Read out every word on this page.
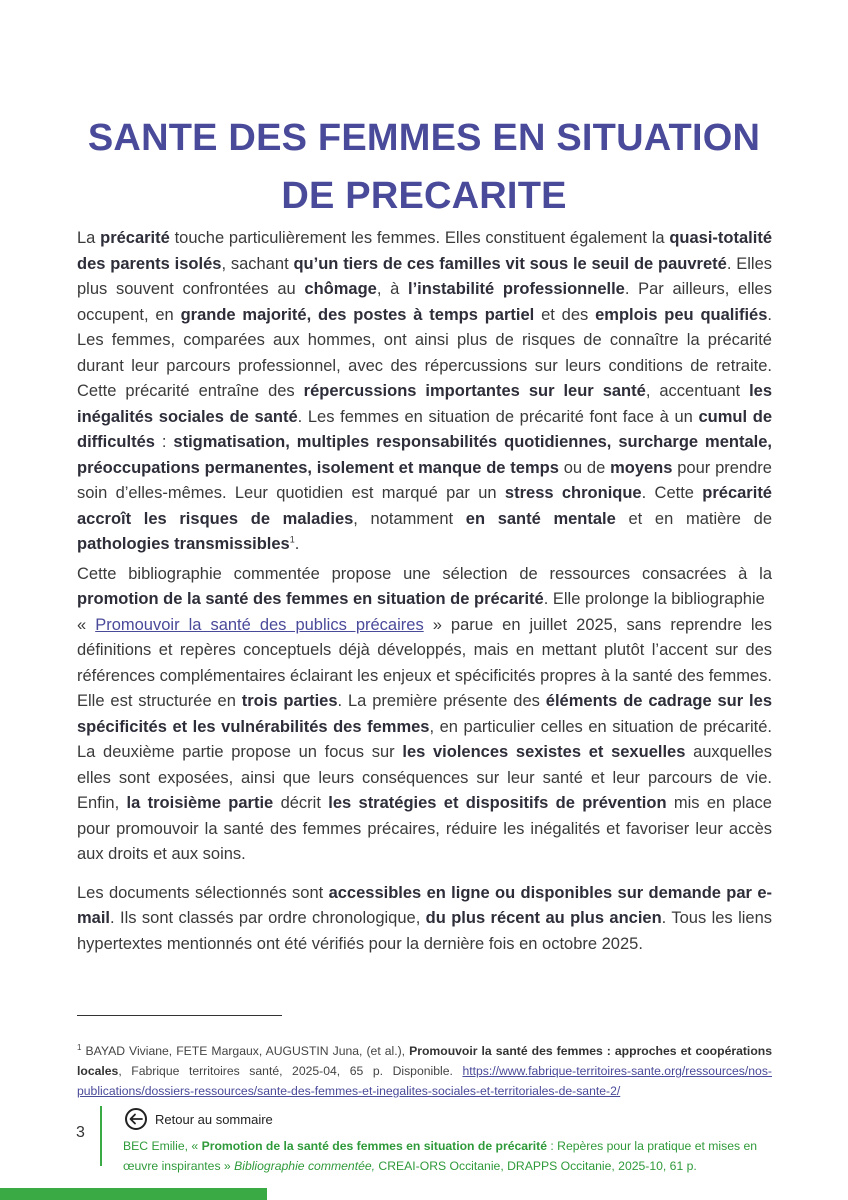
SANTE DES FEMMES EN SITUATION
DE PRECARITE

La précarité touche particulièrement les femmes. Elles constituent également la quasi-totalité des parents isolés, sachant qu’un tiers de ces familles vit sous le seuil de pauvreté. Elles plus souvent confrontées au chômage, à l’instabilité professionnelle. Par ailleurs, elles occupent, en grande majorité, des postes à temps partiel et des emplois peu qualifiés. Les femmes, comparées aux hommes, ont ainsi plus de risques de connaître la précarité durant leur parcours professionnel, avec des répercussions sur leurs conditions de retraite. Cette précarité entraîne des répercussions importantes sur leur santé, accentuant les inégalités sociales de santé. Les femmes en situation de précarité font face à un cumul de difficultés : stigmatisation, multiples responsabilités quotidiennes, surcharge mentale, préoccupations permanentes, isolement et manque de temps ou de moyens pour prendre soin d’elles-mêmes. Leur quotidien est marqué par un stress chronique. Cette précarité accroît les risques de maladies, notamment en santé mentale et en matière de pathologies transmissibles$^1$.

Cette bibliographie commentée propose une sélection de ressources consacrées à la promotion de la santé des femmes en situation de précarité. Elle prolonge la bibliographie

« Promouvoir la santé des publics précaires » parue en juillet 2025, sans reprendre les définitions et repères conceptuels déjà développés, mais en mettant plutôt l’accent sur des références complémentaires éclairant les enjeux et spécificités propres à la santé des femmes. Elle est structurée en trois parties. La première présente des éléments de cadrage sur les spécificités et les vulnérabilités des femmes, en particulier celles en situation de précarité. La deuxième partie propose un focus sur les violences sexistes et sexuelles auxquelles elles sont exposées, ainsi que leurs conséquences sur leur santé et leur parcours de vie. Enfin, la troisième partie décrit les stratégies et dispositifs de prévention mis en place pour promouvoir la santé des femmes précaires, réduire les inégalités et favoriser leur accès aux droits et aux soins.

Les documents sélectionnés sont accessibles en ligne ou disponibles sur demande par e-mail. Ils sont classés par ordre chronologique, du plus récent au plus ancien. Tous les liens hypertextes mentionnés ont été vérifiés pour la dernière fois en octobre 2025.

$^1$ BAYAD Viviane, FETE Margaux, AUGUSTIN Juna, (et al.), Promouvoir la santé des femmes : approches et coopérations locales, Fabrique territoires santé, 2025-04, 65 p. Disponible. https://www.fabrique-territoires-sante.org/ressources/nos-publications/dossiers-ressources/sante-des-femmes-et-inegalites-sociales-et-territoriales-de-sante-2/
3
Retour au sommaire
BEC Emilie, « Promotion de la santé des femmes en situation de précarité : Repères pour la pratique et mises en œuvre inspirantes » Bibliographie commentée, CREAI-ORS Occitanie, DRAPPS Occitanie, 2025-10, 61 p.
